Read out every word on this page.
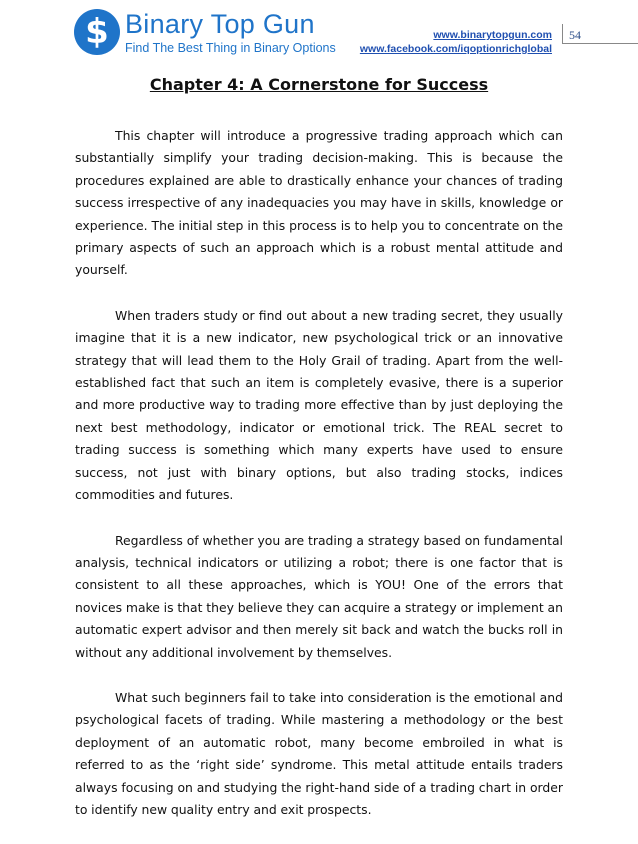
$ Binary Top Gun
Find The Best Thing in Binary Options
www.binarytopgun.com
www.facebook.com/iqoptionrichglobal
54
Chapter 4: A Cornerstone for Success

This chapter will introduce a progressive trading approach which can substantially simplify your trading decision-making. This is because the procedures explained are able to drastically enhance your chances of trading success irrespective of any inadequacies you may have in skills, knowledge or experience. The initial step in this process is to help you to concentrate on the primary aspects of such an approach which is a robust mental attitude and yourself.

When traders study or find out about a new trading secret, they usually imagine that it is a new indicator, new psychological trick or an innovative strategy that will lead them to the Holy Grail of trading. Apart from the well-established fact that such an item is completely evasive, there is a superior and more productive way to trading more effective than by just deploying the next best methodology, indicator or emotional trick. The REAL secret to trading success is something which many experts have used to ensure success, not just with binary options, but also trading stocks, indices commodities and futures.

Regardless of whether you are trading a strategy based on fundamental analysis, technical indicators or utilizing a robot; there is one factor that is consistent to all these approaches, which is YOU! One of the errors that novices make is that they believe they can acquire a strategy or implement an automatic expert advisor and then merely sit back and watch the bucks roll in without any additional involvement by themselves.

What such beginners fail to take into consideration is the emotional and psychological facets of trading. While mastering a methodology or the best deployment of an automatic robot, many become embroiled in what is referred to as the ‘right side’ syndrome. This metal attitude entails traders always focusing on and studying the right-hand side of a trading chart in order to identify new quality entry and exit prospects.
